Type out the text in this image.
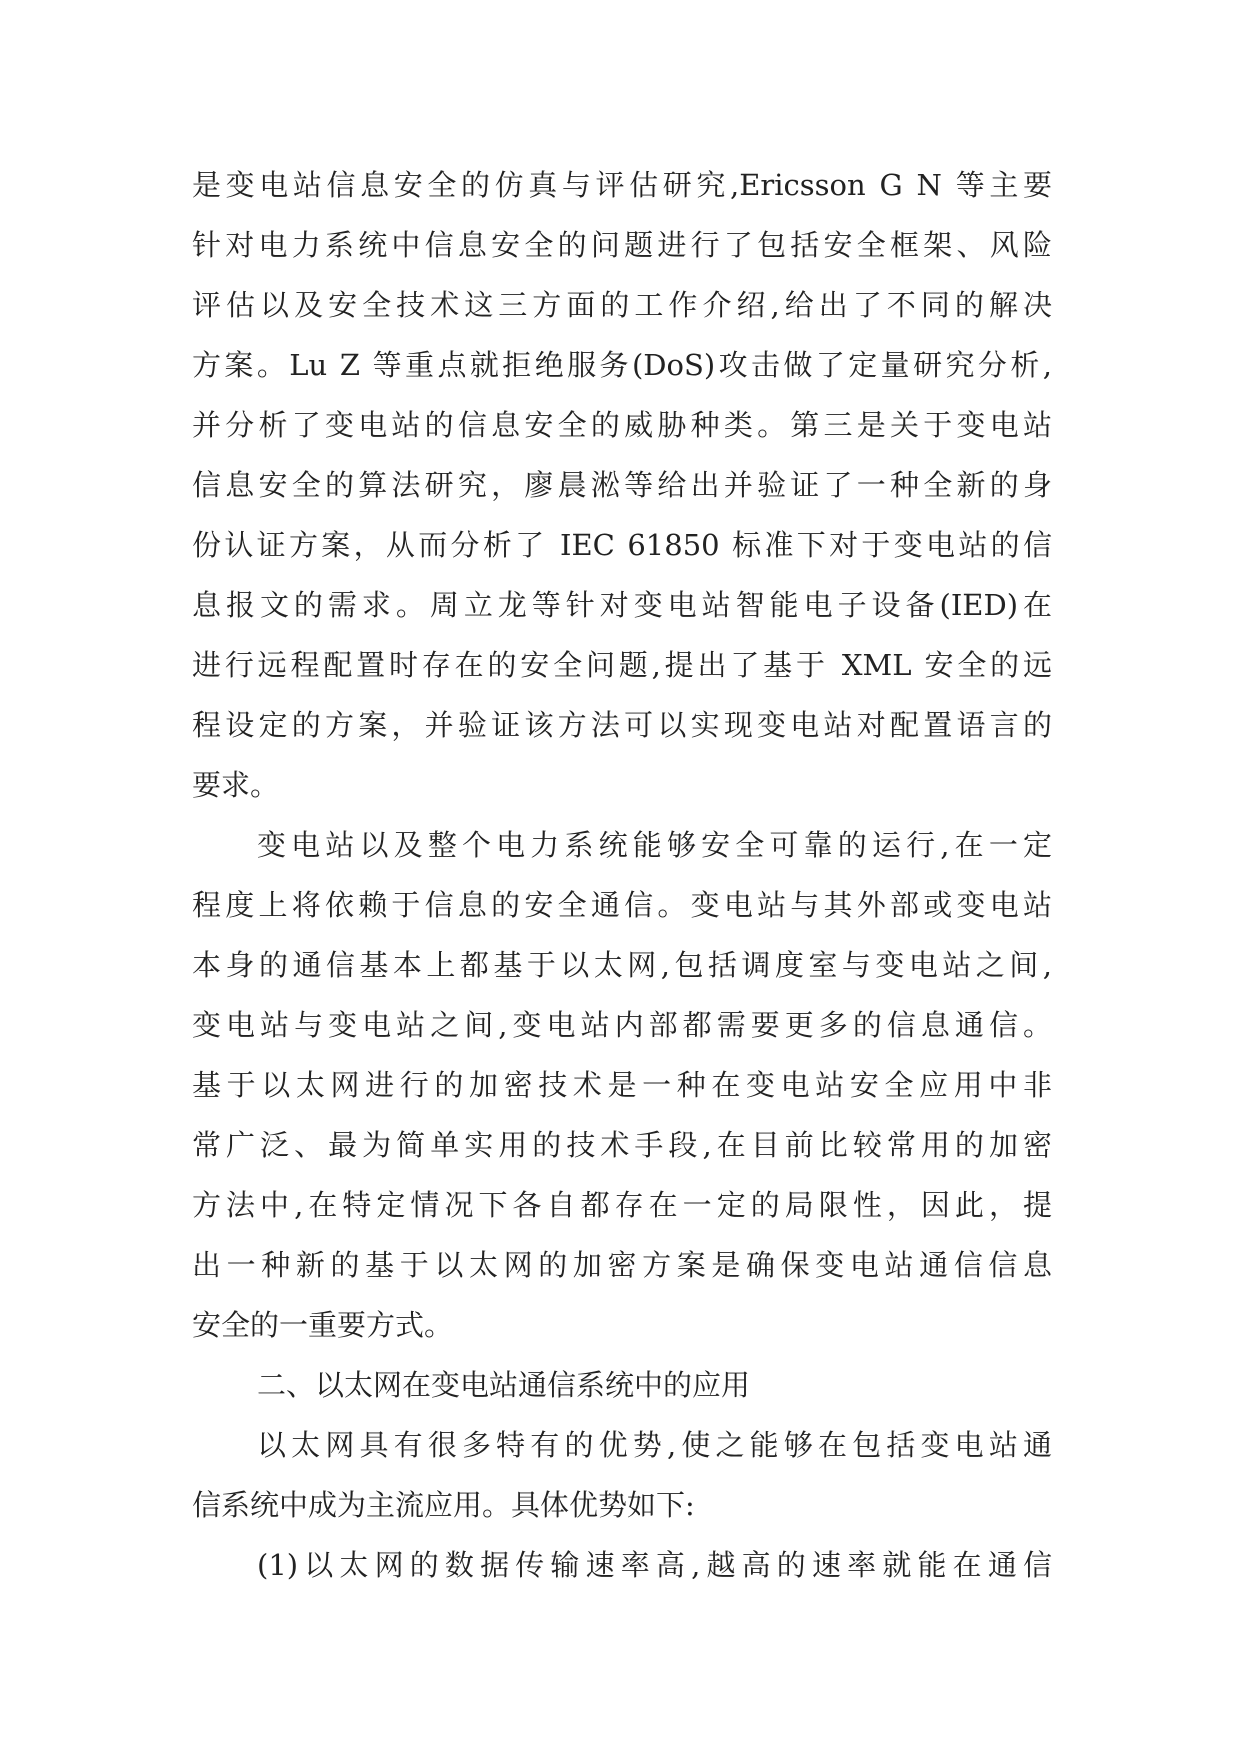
是变电站信息安全的仿真与评估研究,Ericsson G N 等主要
针对电力系统中信息安全的问题进行了包括安全框架、风险
评估以及安全技术这三方面的工作介绍,给出了不同的解决
方案。Lu Z 等重点就拒绝服务(DoS)攻击做了定量研究分析,
并分析了变电站的信息安全的威胁种类。第三是关于变电站
信息安全的算法研究，廖晨淞等给出并验证了一种全新的身
份认证方案，从而分析了 IEC 61850 标准下对于变电站的信
息报文的需求。周立龙等针对变电站智能电子设备(IED)在
进行远程配置时存在的安全问题,提出了基于 XML 安全的远
程设定的方案，并验证该方法可以实现变电站对配置语言的
要求。
变电站以及整个电力系统能够安全可靠的运行,在一定
程度上将依赖于信息的安全通信。变电站与其外部或变电站
本身的通信基本上都基于以太网,包括调度室与变电站之间,
变电站与变电站之间,变电站内部都需要更多的信息通信。
基于以太网进行的加密技术是一种在变电站安全应用中非
常广泛、最为简单实用的技术手段,在目前比较常用的加密
方法中,在特定情况下各自都存在一定的局限性，因此，提
出一种新的基于以太网的加密方案是确保变电站通信信息
安全的一重要方式。
二、以太网在变电站通信系统中的应用
以太网具有很多特有的优势,使之能够在包括变电站通
信系统中成为主流应用。具体优势如下:
(1)以太网的数据传输速率高,越高的速率就能在通信
